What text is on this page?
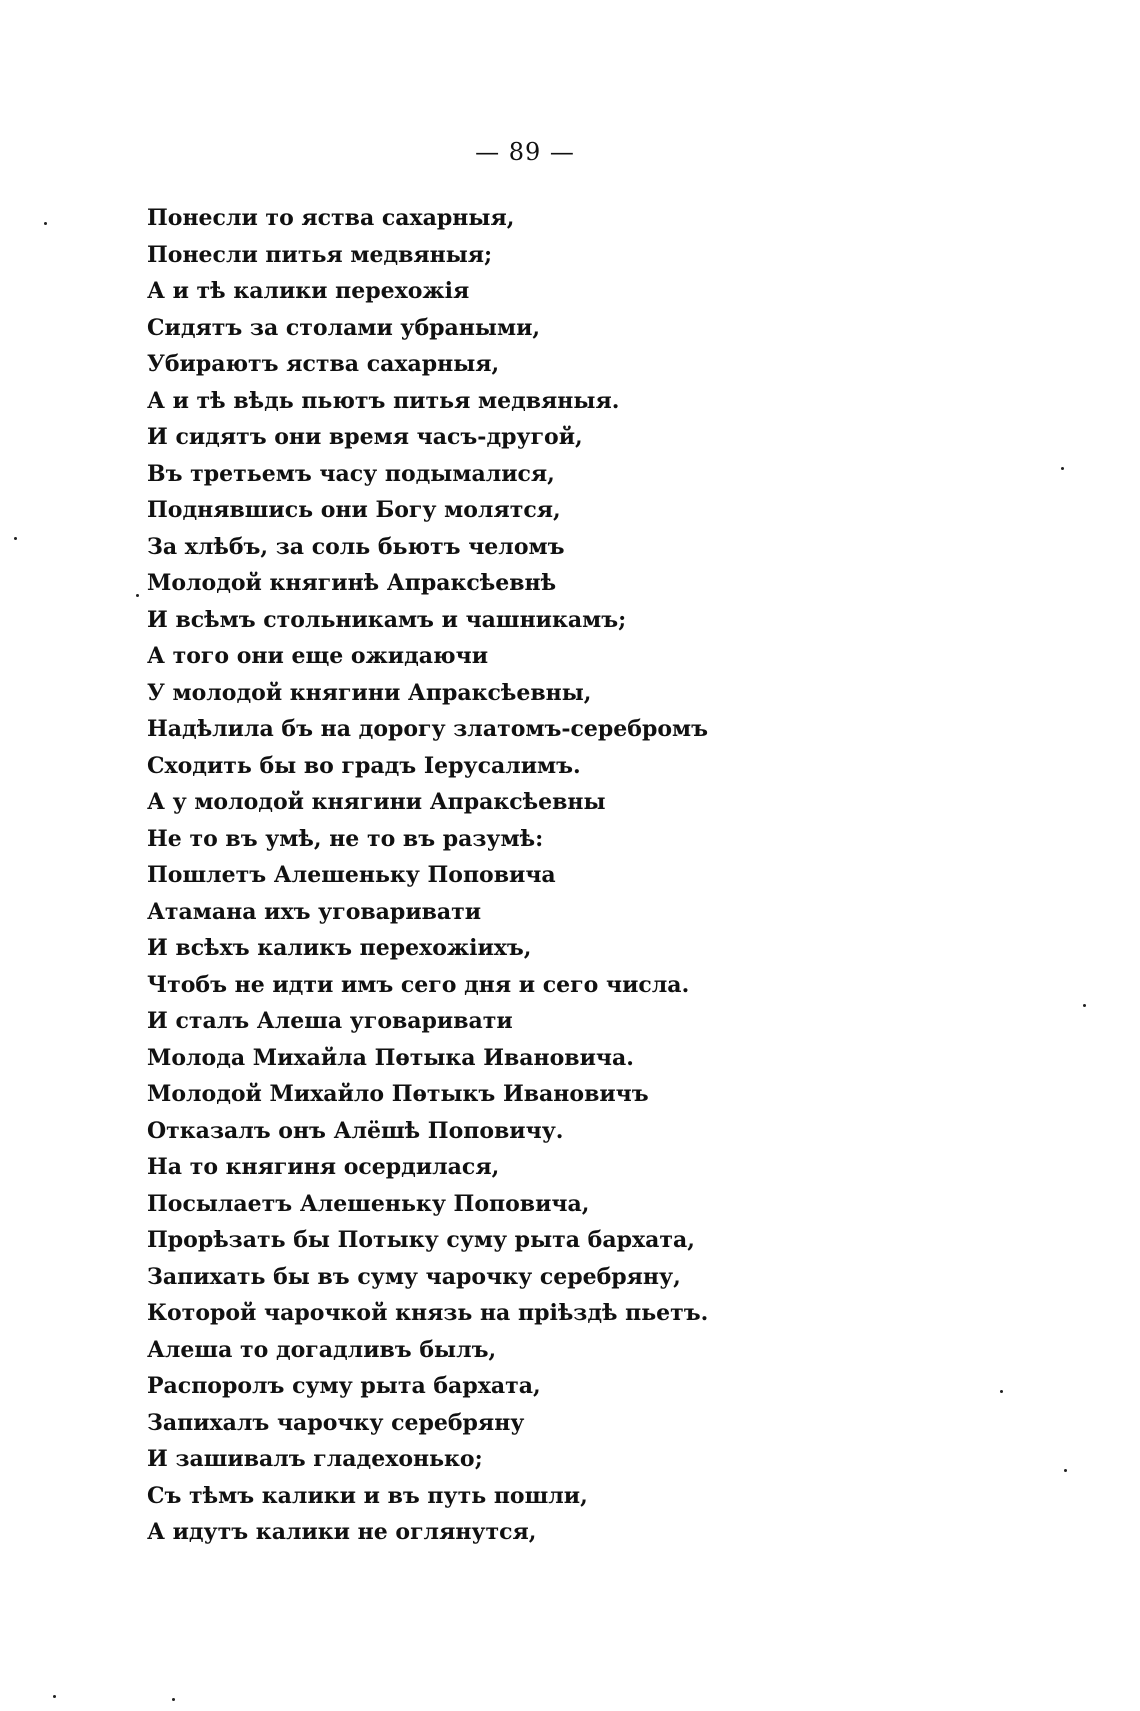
— 89 —
Понесли то яства сахарныя,
Понесли питья медвяныя;
А и тѣ калики перехожія
Сидятъ за столами убраными,
Убираютъ яства сахарныя,
А и тѣ вѣдь пьютъ питья медвяныя.
И сидятъ они время часъ-другой,
Въ третьемъ часу подымалися,
Поднявшись они Богу молятся,
За хлѣбъ, за соль бьютъ челомъ
Молодой княгинѣ Апраксѣевнѣ
И всѣмъ стольникамъ и чашникамъ;
А того они еще ожидаючи
У молодой княгини Апраксѣевны,
Надѣлила бъ на дорогу златомъ-серебромъ
Сходить бы во градъ Іерусалимъ.
А у молодой княгини Апраксѣевны
Не то въ умѣ, не то въ разумѣ:
Пошлетъ Алешеньку Поповича
Атамана ихъ уговаривати
И всѣхъ каликъ перехожіихъ,
Чтобъ не идти имъ сего дня и сего числа.
И сталъ Алеша уговаривати
Молода Михайла Пѳтыка Ивановича.
Молодой Михайло Пѳтыкъ Ивановичъ
Отказалъ онъ Алёшѣ Поповичу.
На то княгиня осердилася,
Посылаетъ Алешеньку Поповича,
Прорѣзать бы Потыку суму рыта бархата,
Запихать бы въ суму чарочку серебряну,
Которой чарочкой князь на пріѣздѣ пьетъ.
Алеша то догадливъ былъ,
Распоролъ суму рыта бархата,
Запихалъ чарочку серебряну
И зашивалъ гладехонько;
Съ тѣмъ калики и въ путь пошли,
А идутъ калики не оглянутся,
